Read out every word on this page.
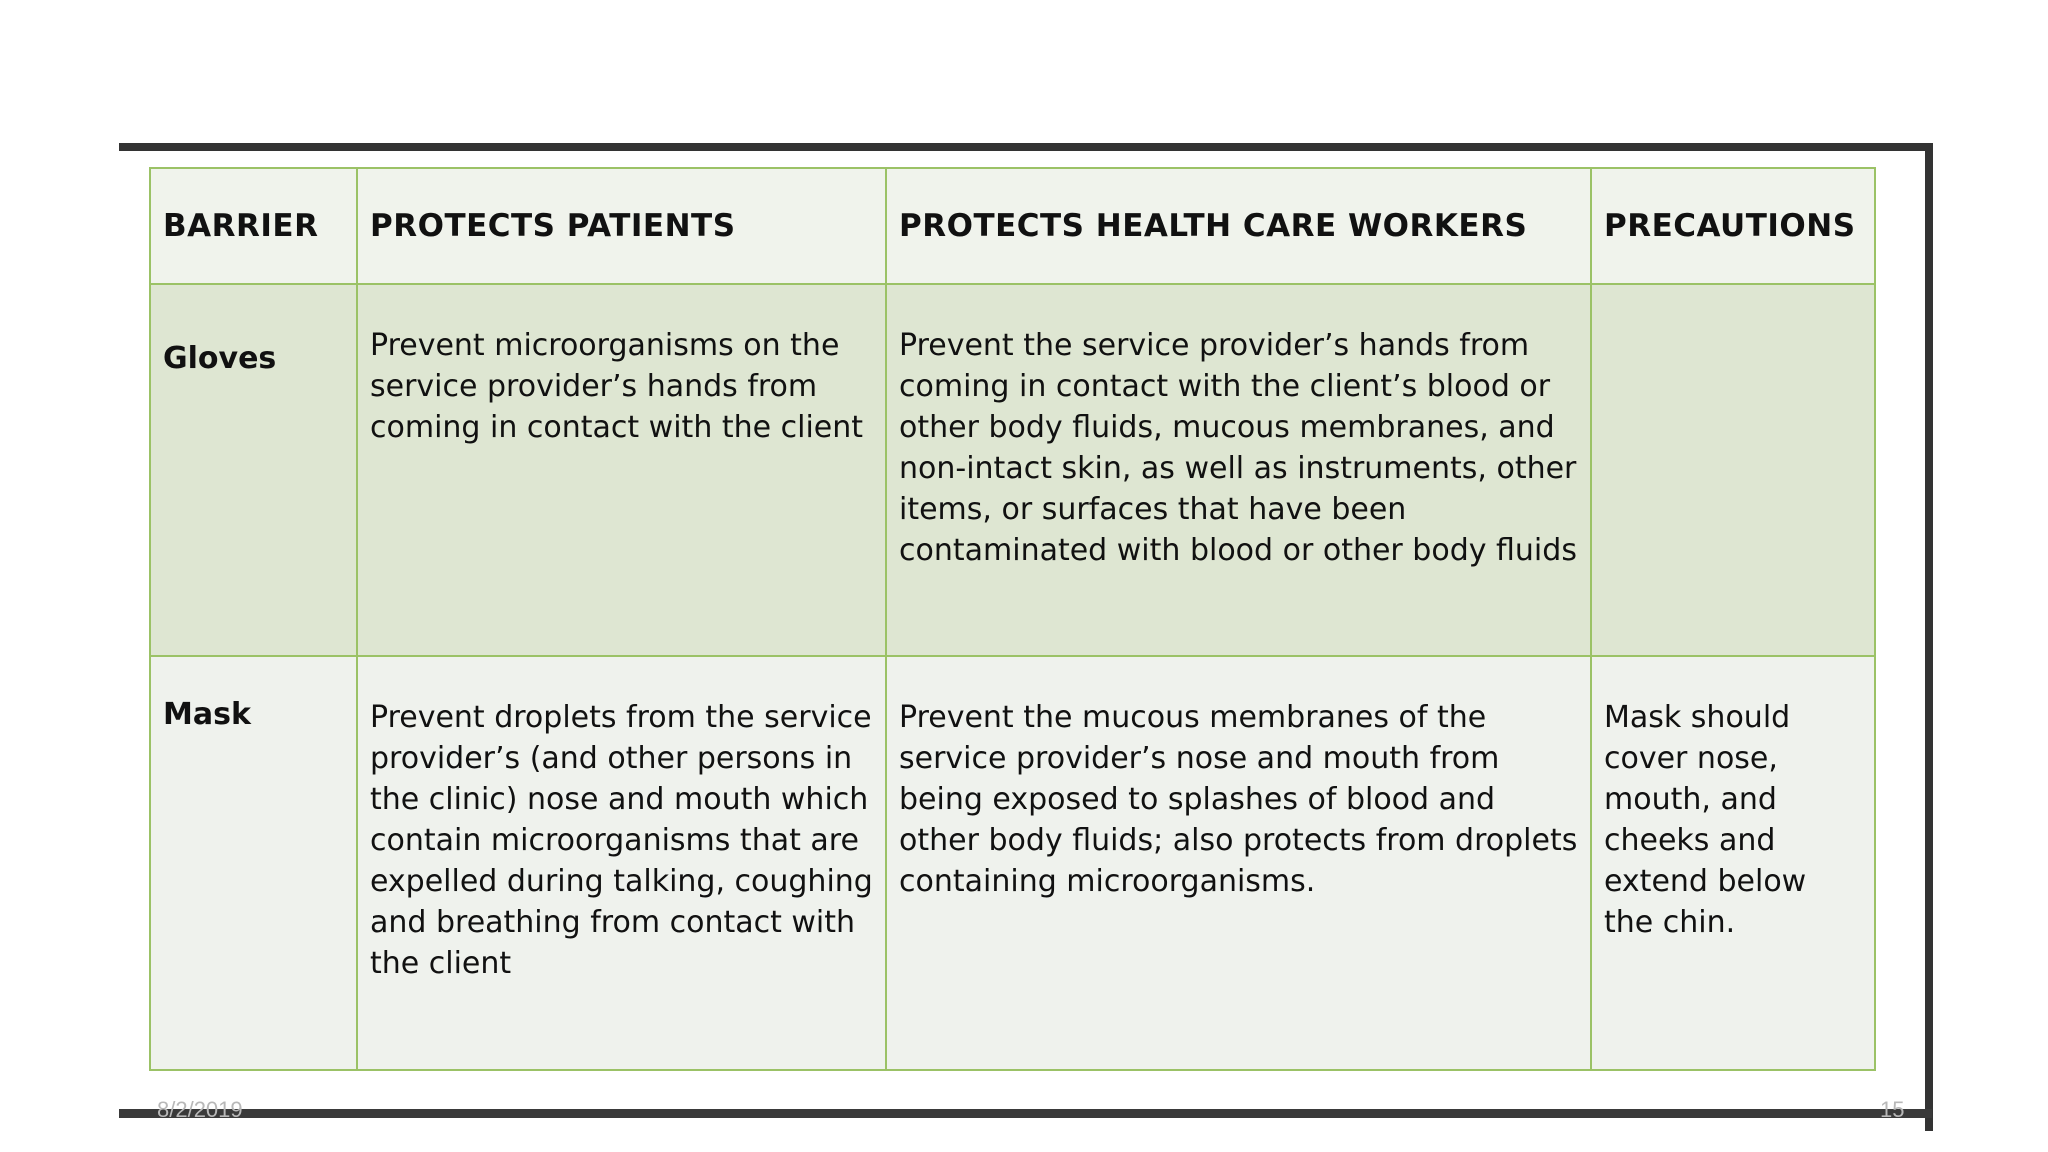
BARRIER	PROTECTS PATIENTS	PROTECTS HEALTH CARE WORKERS	PRECAUTIONS

Gloves	Prevent microorganisms on the service provider’s hands from coming in contact with the client	Prevent the service provider’s hands from coming in contact with the client’s blood or other body fluids, mucous membranes, and non-intact skin, as well as instruments, other items, or surfaces that have been contaminated with blood or other body fluids	

Mask	Prevent droplets from the service provider’s (and other persons in the clinic) nose and mouth which contain microorganisms that are expelled during talking, coughing and breathing from contact with the client	Prevent the mucous membranes of the service provider’s nose and mouth from being exposed to splashes of blood and other body fluids; also protects from droplets containing microorganisms.	Mask should cover nose, mouth, and cheeks and extend below the chin.
8/2/2019	15
